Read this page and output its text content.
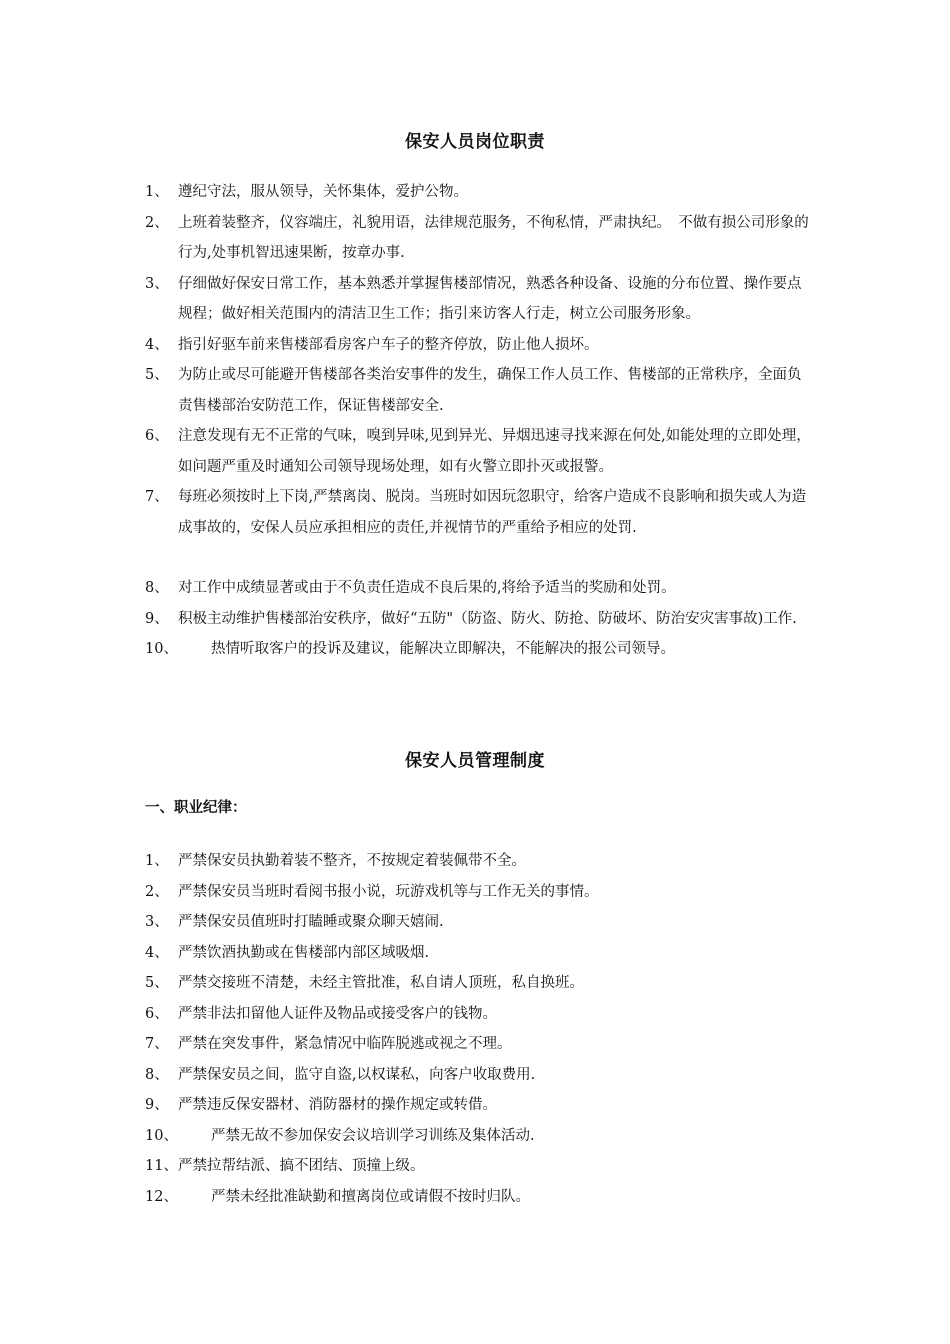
保安人员岗位职责
1、 遵纪守法，服从领导，关怀集体，爱护公物。
2、 上班着装整齐，仪容端庄，礼貌用语，法律规范服务，不徇私情，严肃执纪。　不做有损公司形象的行为,处事机智迅速果断，按章办事.
3、 仔细做好保安日常工作，基本熟悉并掌握售楼部情况，熟悉各种设备、设施的分布位置、操作要点规程；做好相关范围内的清洁卫生工作；指引来访客人行走，树立公司服务形象。
4、 指引好驱车前来售楼部看房客户车子的整齐停放，防止他人损坏。
5、 为防止或尽可能避开售楼部各类治安事件的发生，确保工作人员工作、售楼部的正常秩序，全面负责售楼部治安防范工作，保证售楼部安全.
6、 注意发现有无不正常的气味，嗅到异味,见到异光、异烟迅速寻找来源在何处,如能处理的立即处理，如问题严重及时通知公司领导现场处理，如有火警立即扑灭或报警。
7、 每班必须按时上下岗,严禁离岗、脱岗。当班时如因玩忽职守，给客户造成不良影响和损失或人为造成事故的，安保人员应承担相应的责任,并视情节的严重给予相应的处罚.
8、 对工作中成绩显著或由于不负责任造成不良后果的,将给予适当的奖励和处罚。
9、 积极主动维护售楼部治安秩序，做好“五防"（防盗、防火、防抢、防破坏、防治安灾害事故)工作.
10、	热情听取客户的投诉及建议，能解决立即解决，不能解决的报公司领导。
保安人员管理制度
一、职业纪律：
1、 严禁保安员执勤着装不整齐，不按规定着装佩带不全。
2、 严禁保安员当班时看阅书报小说，玩游戏机等与工作无关的事情。
3、 严禁保安员值班时打瞌睡或聚众聊天嬉闹.
4、 严禁饮酒执勤或在售楼部内部区域吸烟.
5、 严禁交接班不清楚，未经主管批准，私自请人顶班，私自换班。
6、 严禁非法扣留他人证件及物品或接受客户的钱物。
7、 严禁在突发事件，紧急情况中临阵脱逃或视之不理。
8、 严禁保安员之间，监守自盗,以权谋私，向客户收取费用.
9、 严禁违反保安器材、消防器材的操作规定或转借。
10、	严禁无故不参加保安会议培训学习训练及集体活动.
11、 严禁拉帮结派、搞不团结、顶撞上级。
12、	严禁未经批准缺勤和擅离岗位或请假不按时归队。
